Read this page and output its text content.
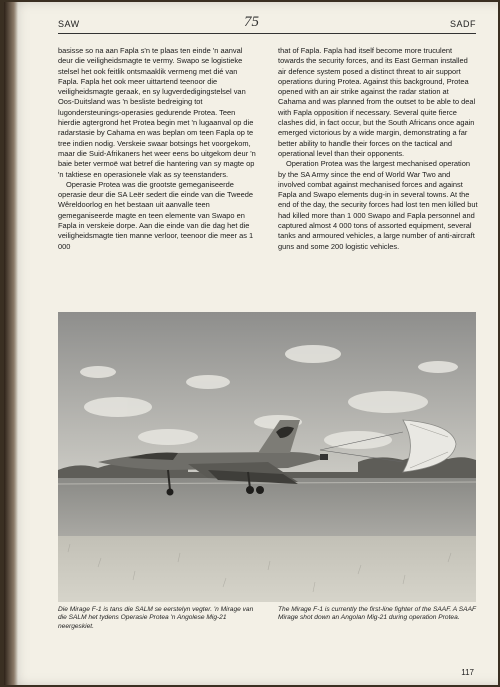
SAW	75	SADF

basisse so na aan Fapla s'n te plaas ten einde 'n aanval deur die veiligheidsmagte te vermy. Swapo se logistieke stelsel het ook feitlik ontsmaaklik vermeng met dié van Fapla. Fapla het ook meer uittartend teenoor die veiligheidsmagte geraak, en sy lugverdedigingstelsel van Oos-Duitsland was 'n besliste bedreiging tot lugondersteunings-operasies gedurende Protea. Teen hierdie agtergrond het Protea begin met 'n lugaanval op die radarstasie by Cahama en was beplan om teen Fapla op te tree indien nodig. Verskeie swaar botsings het voorgekom, maar die Suid-Afrikaners het weer eens bo uitgekom deur 'n baie beter vermoë wat betref die hantering van sy magte op 'n taktiese en operasionele vlak as sy teenstanders.

Operasie Protea was die grootste gemeganiseerde operasie deur die SA Leër sedert die einde van die Tweede Wêreldoorlog en het bestaan uit aanvalle teen gemeganiseerde magte en teen elemente van Swapo en Fapla in verskeie dorpe. Aan die einde van die dag het die veiligheidsmagte tien manne verloor, teenoor die meer as 1 000

that of Fapla. Fapla had itself become more truculent towards the security forces, and its East German installed air defence system posed a distinct threat to air support operations during Protea. Against this background, Protea opened with an air strike against the radar station at Cahama and was planned from the outset to be able to deal with Fapla opposition if necessary. Several quite fierce clashes did, in fact occur, but the South Africans once again emerged victorious by a wide margin, demonstrating a far better ability to handle their forces on the tactical and operational level than their opponents.

Operation Protea was the largest mechanised operation by the SA Army since the end of World War Two and involved combat against mechanised forces and against Fapla and Swapo elements dug-in in several towns. At the end of the day, the security forces had lost ten men killed but had killed more than 1 000 Swapo and Fapla personnel and captured almost 4 000 tons of assorted equipment, several tanks and armoured vehicles, a large number of anti-aircraft guns and some 200 logistic vehicles.

Die Mirage F-1 is tans die SALM se eerstelyn vegter. 'n Mirage van die SALM het tydens Operasie Protea 'n Angolese Mig-21 neergeskiet.
The Mirage F-1 is currently the first-line fighter of the SAAF. A SAAF Mirage shot down an Angolan Mig-21 during operation Protea.
117
